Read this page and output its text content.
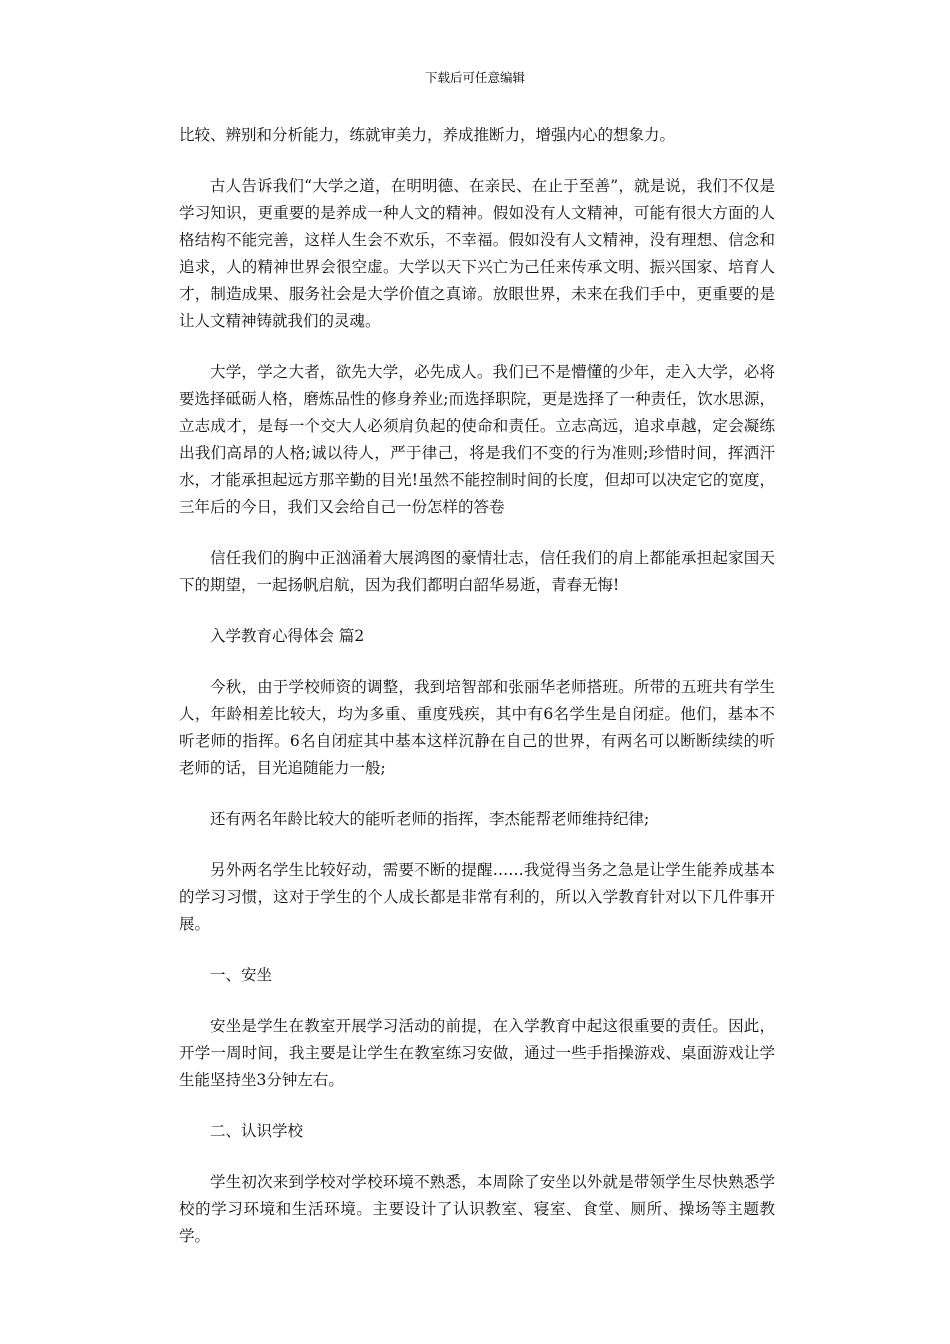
下载后可任意编辑

比较、辨别和分析能力，练就审美力，养成推断力，增强内心的想象力。

古人告诉我们“大学之道，在明明德、在亲民、在止于至善”，就是说，我们不仅是学习知识，更重要的是养成一种人文的精神。假如没有人文精神，可能有很大方面的人格结构不能完善，这样人生会不欢乐，不幸福。假如没有人文精神，没有理想、信念和追求，人的精神世界会很空虚。大学以天下兴亡为己任来传承文明、振兴国家、培育人才，制造成果、服务社会是大学价值之真谛。放眼世界，未来在我们手中，更重要的是让人文精神铸就我们的灵魂。

大学，学之大者，欲先大学，必先成人。我们已不是懵懂的少年，走入大学，必将要选择砥砺人格，磨炼品性的修身养业;而选择职院，更是选择了一种责任，饮水思源，立志成才，是每一个交大人必须肩负起的使命和责任。立志高远，追求卓越，定会凝练出我们高昂的人格;诚以待人，严于律己，将是我们不变的行为准则;珍惜时间，挥洒汗水，才能承担起远方那辛勤的目光!虽然不能控制时间的长度，但却可以决定它的宽度，三年后的今日，我们又会给自己一份怎样的答卷

信任我们的胸中正汹涌着大展鸿图的豪情壮志，信任我们的肩上都能承担起家国天下的期望，一起扬帆启航，因为我们都明白韶华易逝，青春无悔!

入学教育心得体会 篇2

今秋，由于学校师资的调整，我到培智部和张丽华老师搭班。所带的五班共有学生人，年龄相差比较大，均为多重、重度残疾，其中有6名学生是自闭症。他们，基本不听老师的指挥。6名自闭症其中基本这样沉静在自己的世界，有两名可以断断续续的听老师的话，目光追随能力一般;

还有两名年龄比较大的能听老师的指挥，李杰能帮老师维持纪律;

另外两名学生比较好动，需要不断的提醒……我觉得当务之急是让学生能养成基本的学习习惯，这对于学生的个人成长都是非常有利的，所以入学教育针对以下几件事开展。

一、安坐

安坐是学生在教室开展学习活动的前提，在入学教育中起这很重要的责任。因此，开学一周时间，我主要是让学生在教室练习安做，通过一些手指操游戏、桌面游戏让学生能坚持坐3分钟左右。

二、认识学校

学生初次来到学校对学校环境不熟悉，本周除了安坐以外就是带领学生尽快熟悉学校的学习环境和生活环境。主要设计了认识教室、寝室、食堂、厕所、操场等主题教学。
